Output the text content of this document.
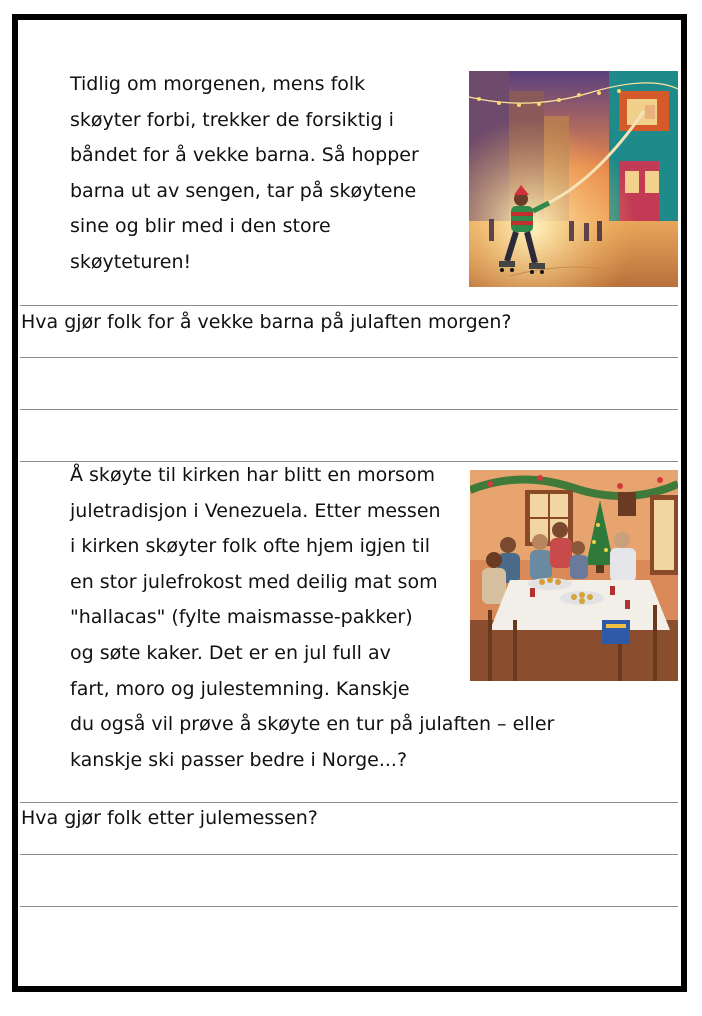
Tidlig om morgenen, mens folk
skøyter forbi, trekker de forsiktig i
båndet for å vekke barna. Så hopper
barna ut av sengen, tar på skøytene
sine og blir med i den store
skøyteturen!

Hva gjør folk for å vekke barna på julaften morgen?

Å skøyte til kirken har blitt en morsom
juletradisjon i Venezuela. Etter messen
i kirken skøyter folk ofte hjem igjen til
en stor julefrokost med deilig mat som
"hallacas" (fylte maismasse-pakker)
og søte kaker. Det er en jul full av
fart, moro og julestemning. Kanskje
du også vil prøve å skøyte en tur på julaften – eller
kanskje ski passer bedre i Norge...?

Hva gjør folk etter julemessen?
